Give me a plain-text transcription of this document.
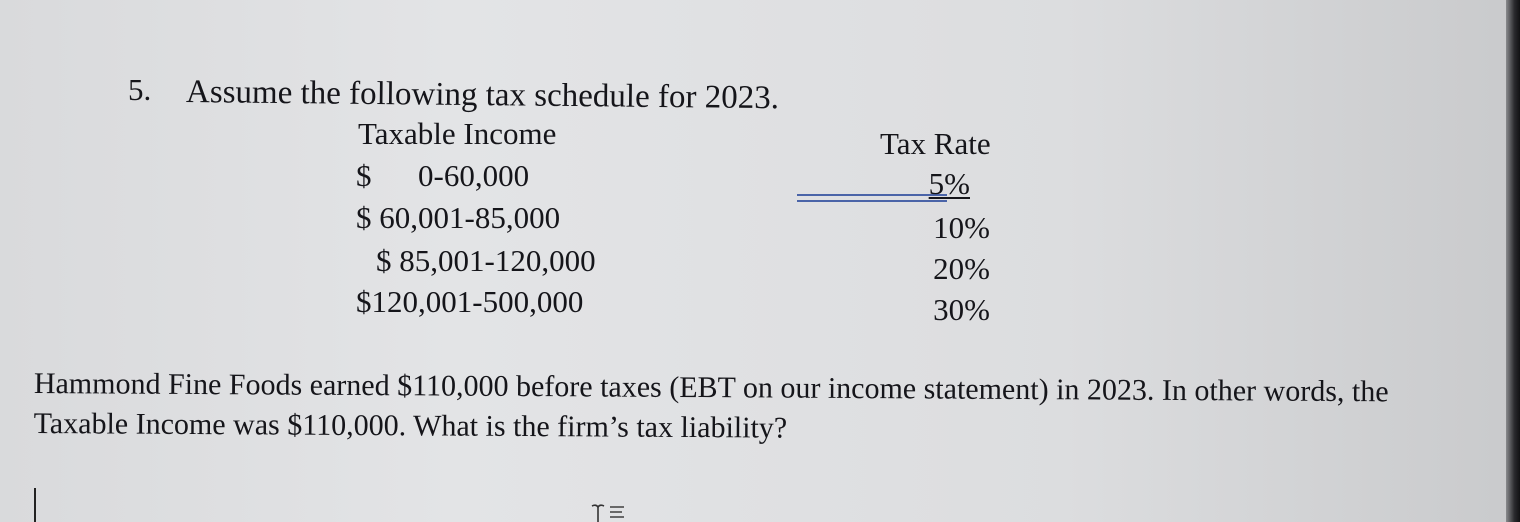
5. Assume the following tax schedule for 2023.
Taxable Income	Tax Rate
$      0-60,000
$ 60,001-85,000
$ 85,001-120,000
$120,001-500,000
5%
10%
20%
30%
Hammond Fine Foods earned $110,000 before taxes (EBT on our income statement) in 2023. In other words, the Taxable Income was $110,000. What is the firm’s tax liability?
